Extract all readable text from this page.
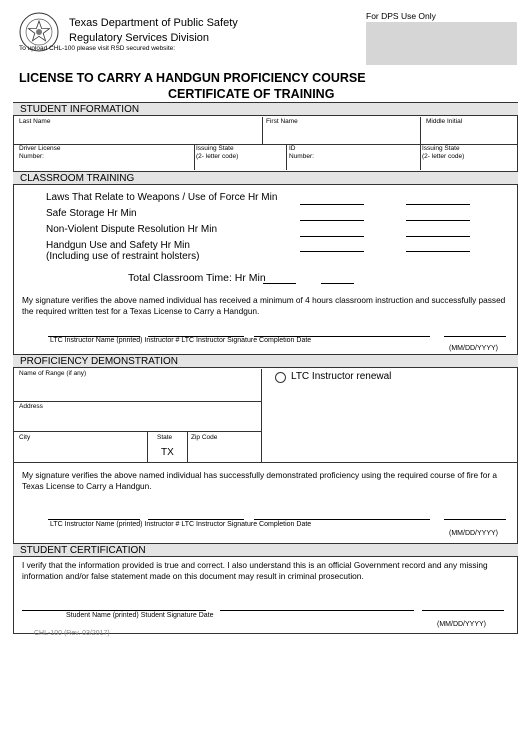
Texas Department of Public Safety
Regulatory Services Division
To upload CHL-100 please visit RSD secured website:
For DPS Use Only
LICENSE TO CARRY A HANDGUN PROFICIENCY COURSE
CERTIFICATE OF TRAINING
STUDENT INFORMATION
Last Name	First Name	Middle Initial
Driver License
Number:
Issuing State
(2- letter code)
ID
Number:
Issuing State
(2- letter code)
CLASSROOM TRAINING
Laws That Relate to Weapons / Use of Force Hr Min
Safe Storage Hr Min
Non-Violent Dispute Resolution Hr Min
Handgun Use and Safety Hr Min
(Including use of restraint holsters)
Total Classroom Time: Hr Min
My signature verifies the above named individual has received a minimum of 4 hours classroom instruction and successfully passed the required written test for a Texas License to Carry a Handgun.
LTC Instructor Name (printed) Instructor # LTC Instructor Signature Completion Date
(MM/DD/YYYY)
PROFICIENCY DEMONSTRATION
Name of Range (if any)	LTC Instructor renewal
Address
City	State
TX
Zip Code
My signature verifies the above named individual has successfully demonstrated proficiency using the required course of fire for a Texas License to Carry a Handgun.
LTC Instructor Name (printed) Instructor # LTC Instructor Signature Completion Date
(MM/DD/YYYY)
STUDENT CERTIFICATION
I verify that the information provided is true and correct. I also understand this is an official Government record and any missing information and/or false statement made on this document may result in criminal prosecution.
Student Name (printed) Student Signature Date
(MM/DD/YYYY)
CHL-100 (Rev. 03/2017)
